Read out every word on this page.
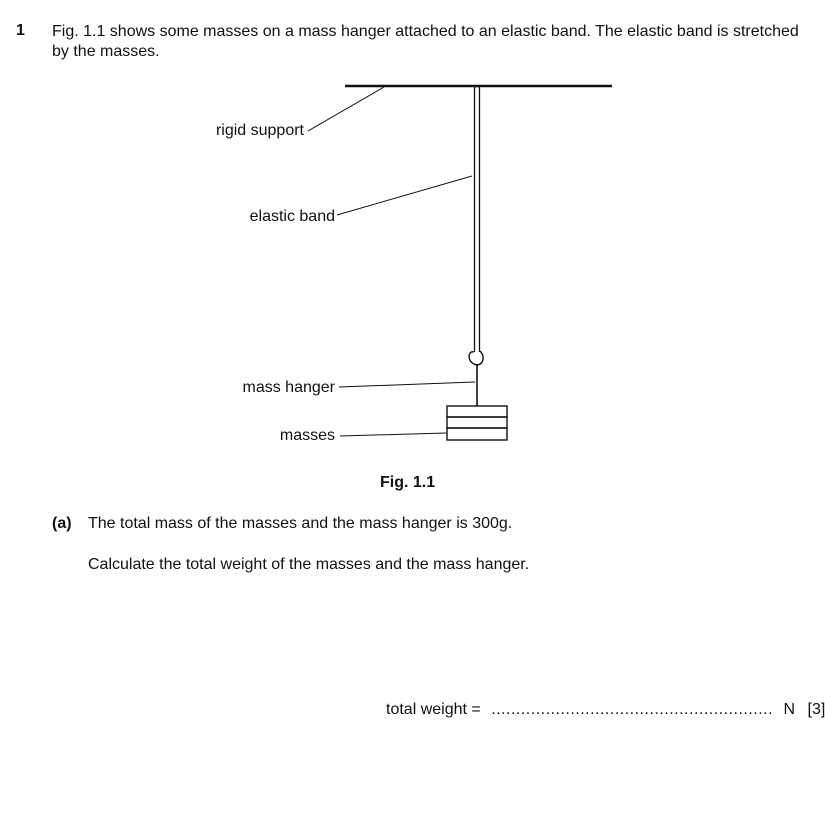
1 Fig. 1.1 shows some masses on a mass hanger attached to an elastic band. The elastic band is stretched by the masses.
rigid support
elastic band
mass hanger
masses
Fig. 1.1
(a) The total mass of the masses and the mass hanger is 300g.
Calculate the total weight of the masses and the mass hanger.
total weight = ......................................................... N [3]
